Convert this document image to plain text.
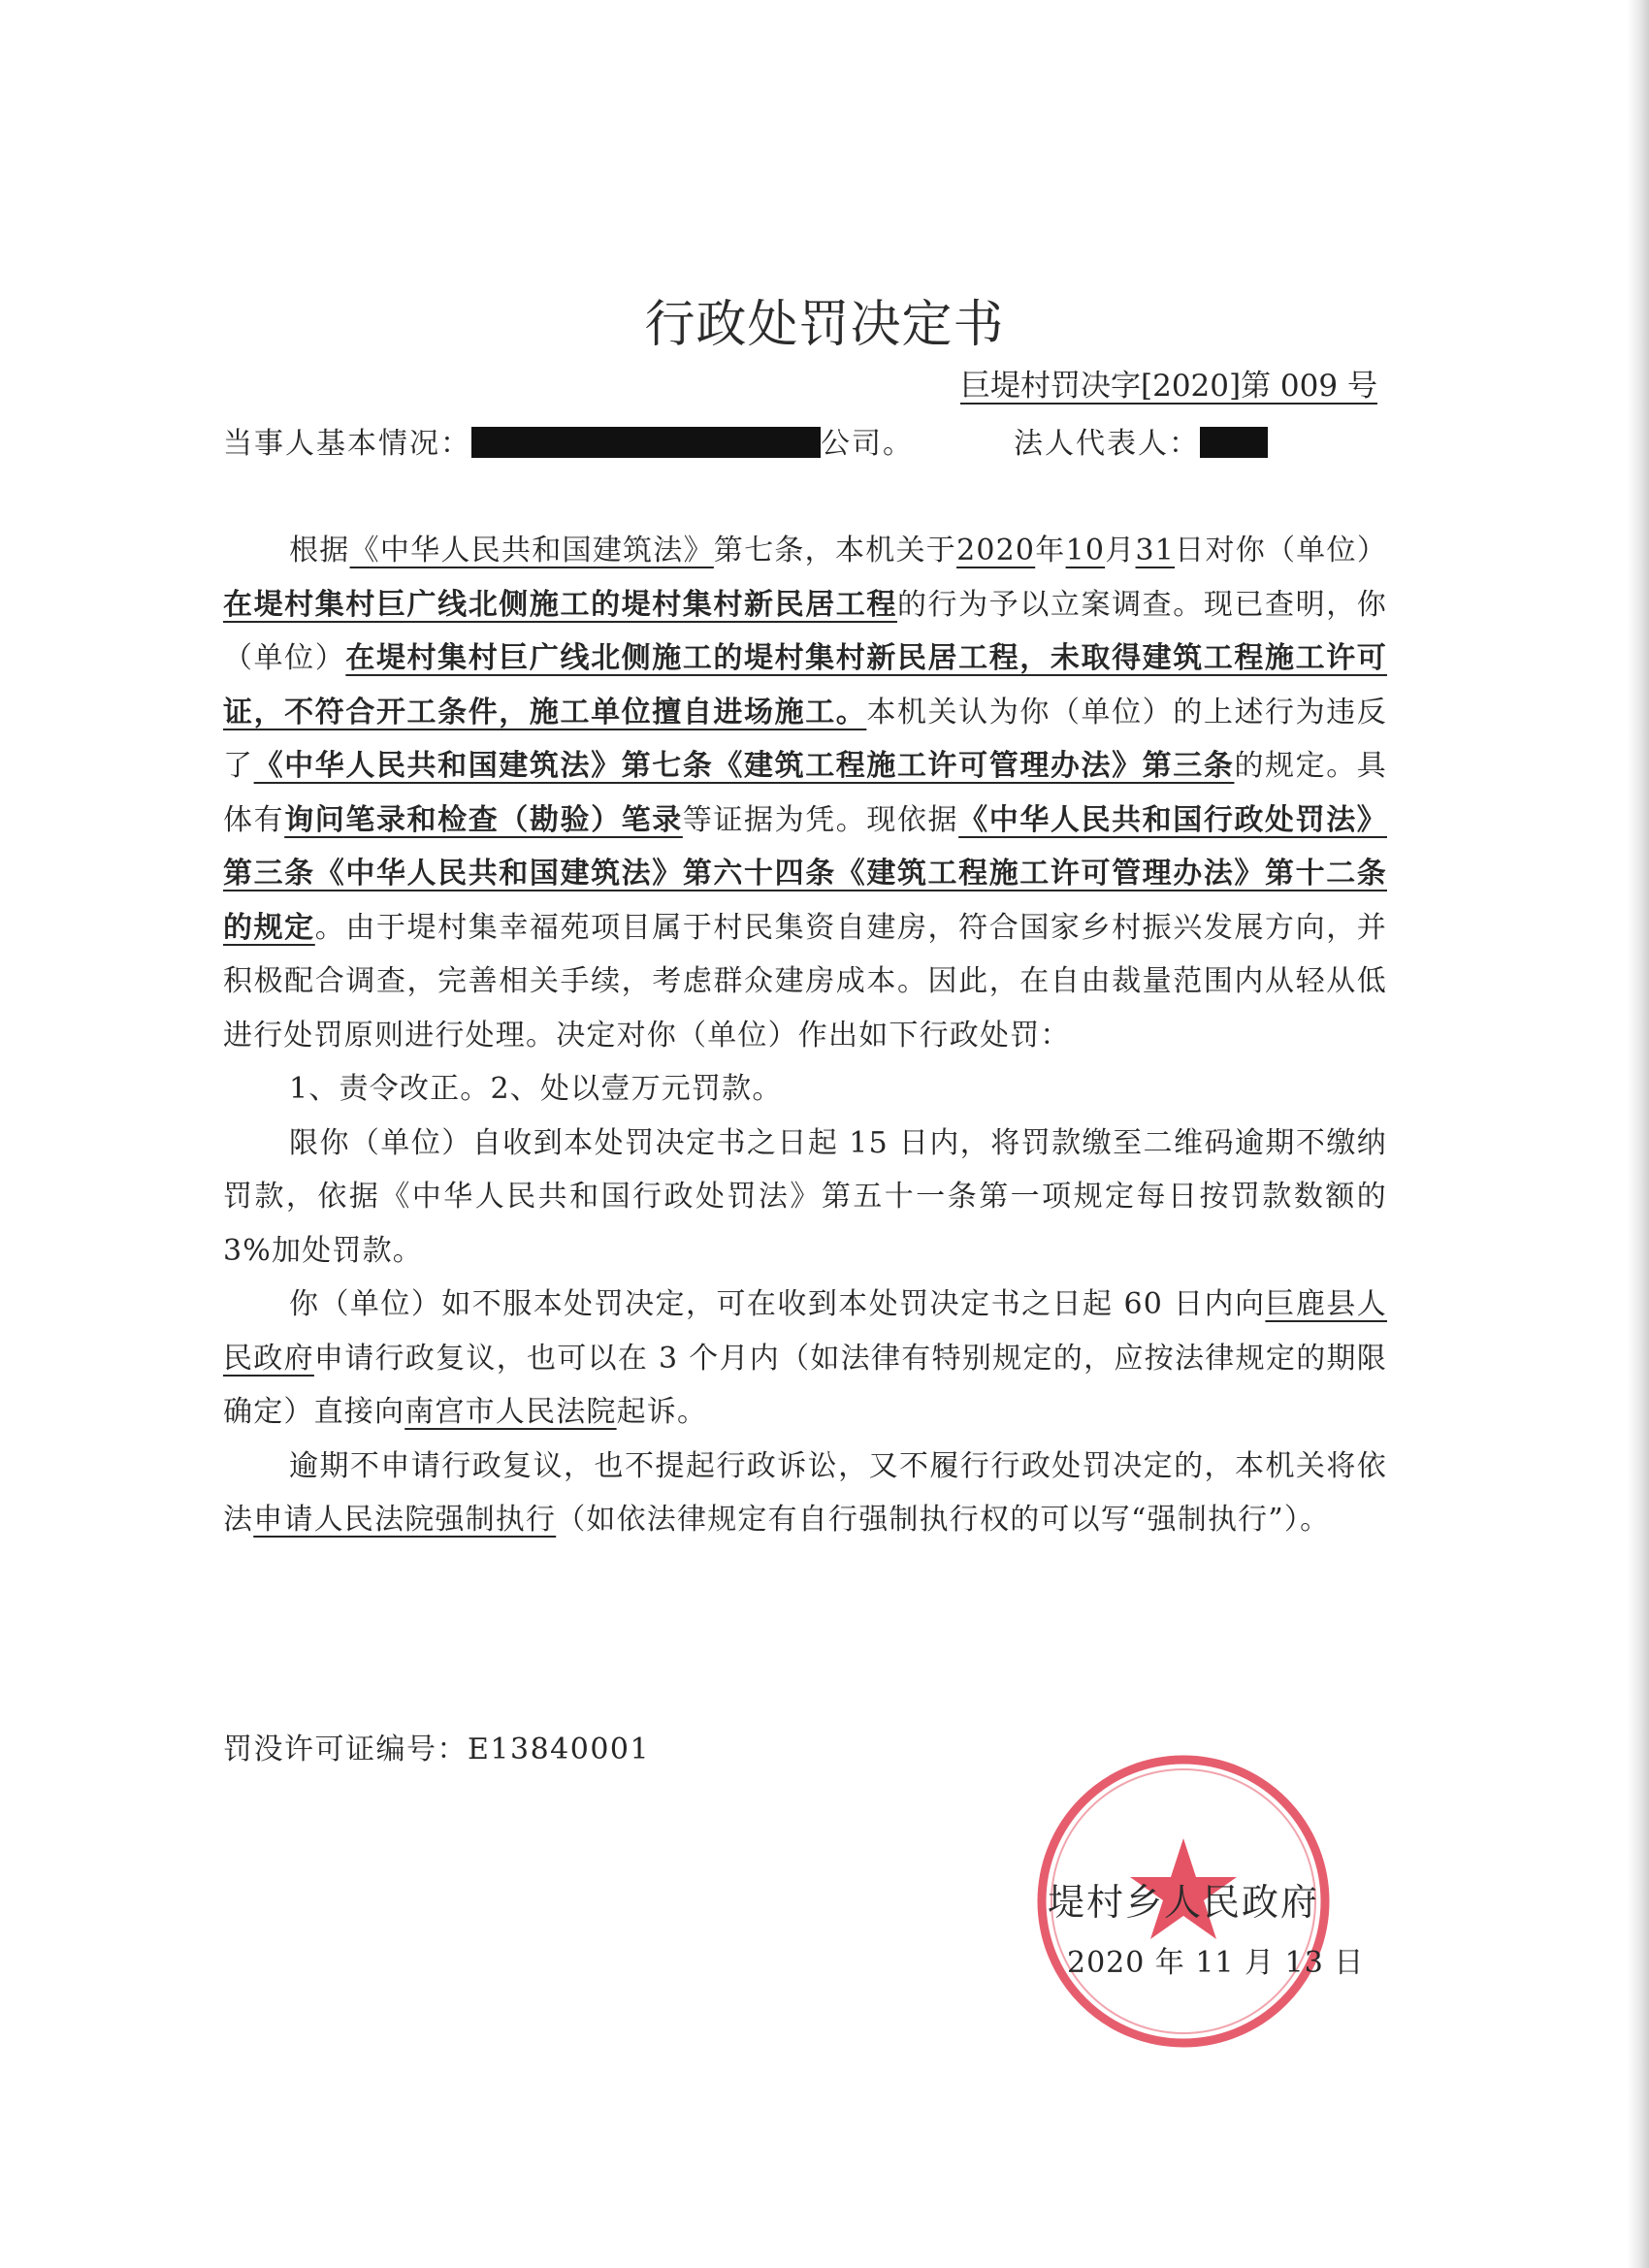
行政处罚决定书
巨堤村罚决字[2020]第 009 号
当事人基本情况：	公司。	法人代表人：

根据《中华人民共和国建筑法》第七条，本机关于2020年10月31日对你（单位）在堤村集村巨广线北侧施工的堤村集村新民居工程的行为予以立案调查。现已查明，你（单位）在堤村集村巨广线北侧施工的堤村集村新民居工程，未取得建筑工程施工许可证，不符合开工条件，施工单位擅自进场施工。本机关认为你（单位）的上述行为违反了《中华人民共和国建筑法》第七条《建筑工程施工许可管理办法》第三条的规定。具体有询问笔录和检查（勘验）笔录等证据为凭。现依据《中华人民共和国行政处罚法》第三条《中华人民共和国建筑法》第六十四条《建筑工程施工许可管理办法》第十二条的规定。由于堤村集幸福苑项目属于村民集资自建房，符合国家乡村振兴发展方向，并积极配合调查，完善相关手续，考虑群众建房成本。因此，在自由裁量范围内从轻从低进行处罚原则进行处理。决定对你（单位）作出如下行政处罚：

1、责令改正。2、处以壹万元罚款。

限你（单位）自收到本处罚决定书之日起 15 日内，将罚款缴至二维码逾期不缴纳罚款，依据《中华人民共和国行政处罚法》第五十一条第一项规定每日按罚款数额的 3%加处罚款。

你（单位）如不服本处罚决定，可在收到本处罚决定书之日起 60 日内向巨鹿县人民政府申请行政复议，也可以在 3 个月内（如法律有特别规定的，应按法律规定的期限确定）直接向南宫市人民法院起诉。

逾期不申请行政复议，也不提起行政诉讼，又不履行行政处罚决定的，本机关将依法申请人民法院强制执行（如依法律规定有自行强制执行权的可以写“强制执行”）。

罚没许可证编号：E13840001
堤村乡人民政府
2020 年 11 月 13 日
